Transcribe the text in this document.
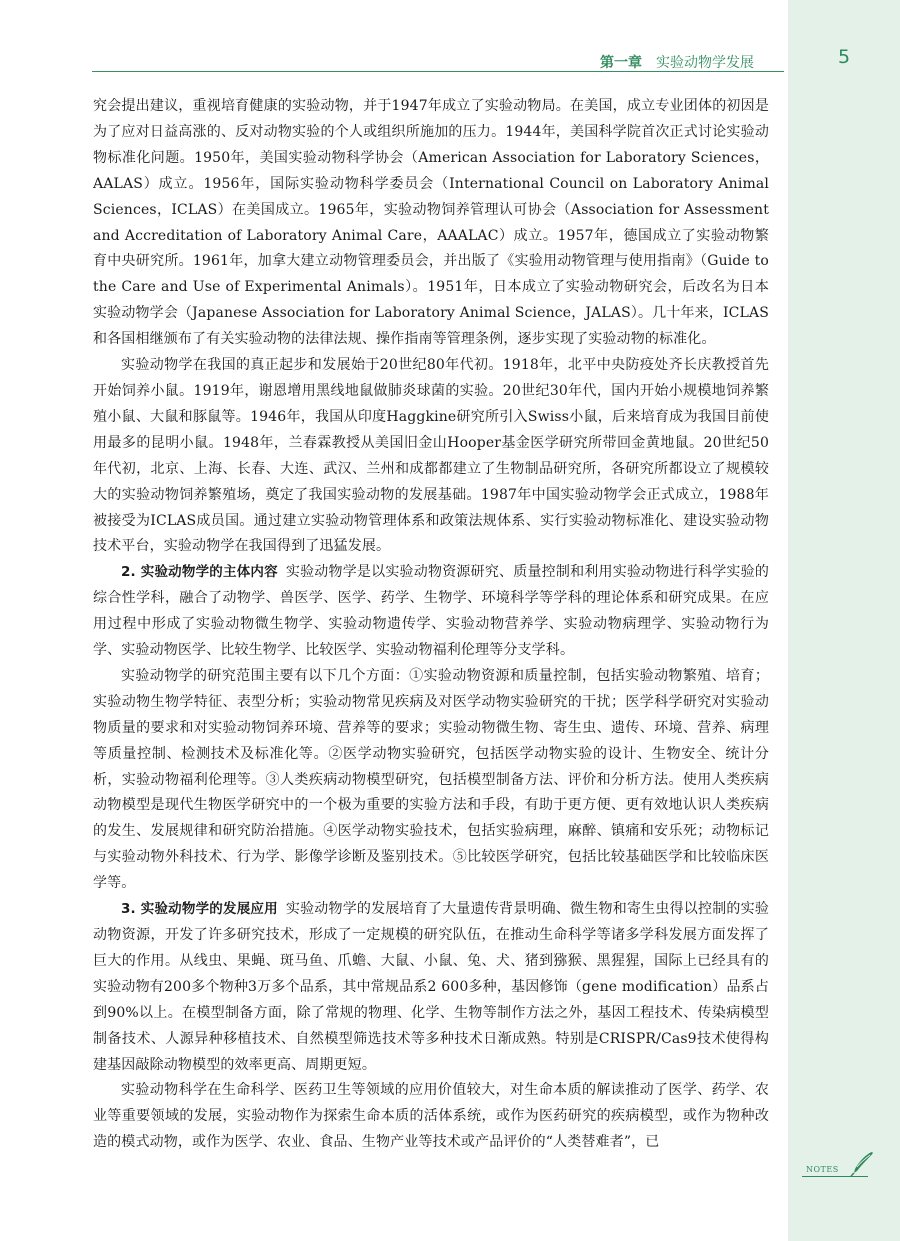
第一章 实验动物学发展	5

究会提出建议，重视培育健康的实验动物，并于1947年成立了实验动物局。在美国，成立专业团体的初因是为了应对日益高涨的、反对动物实验的个人或组织所施加的压力。1944年，美国科学院首次正式讨论实验动物标准化问题。1950年，美国实验动物科学协会（American Association for Laboratory Sciences，AALAS）成立。1956年，国际实验动物科学委员会（International Council on Laboratory Animal Sciences，ICLAS）在美国成立。1965年，实验动物饲养管理认可协会（Association for Assessment and Accreditation of Laboratory Animal Care，AAALAC）成立。1957年，德国成立了实验动物繁育中央研究所。1961年，加拿大建立动物管理委员会，并出版了《实验用动物管理与使用指南》（Guide to the Care and Use of Experimental Animals）。1951年，日本成立了实验动物研究会，后改名为日本实验动物学会（Japanese Association for Laboratory Animal Science，JALAS）。几十年来，ICLAS和各国相继颁布了有关实验动物的法律法规、操作指南等管理条例，逐步实现了实验动物的标准化。

实验动物学在我国的真正起步和发展始于20世纪80年代初。1918年，北平中央防疫处齐长庆教授首先开始饲养小鼠。1919年，谢恩增用黑线地鼠做肺炎球菌的实验。20世纪30年代，国内开始小规模地饲养繁殖小鼠、大鼠和豚鼠等。1946年，我国从印度Haggkine研究所引入Swiss小鼠，后来培育成为我国目前使用最多的昆明小鼠。1948年，兰春霖教授从美国旧金山Hooper基金医学研究所带回金黄地鼠。20世纪50年代初，北京、上海、长春、大连、武汉、兰州和成都都建立了生物制品研究所，各研究所都设立了规模较大的实验动物饲养繁殖场，奠定了我国实验动物的发展基础。1987年中国实验动物学会正式成立，1988年被接受为ICLAS成员国。通过建立实验动物管理体系和政策法规体系、实行实验动物标准化、建设实验动物技术平台，实验动物学在我国得到了迅猛发展。

2. 实验动物学的主体内容 实验动物学是以实验动物资源研究、质量控制和利用实验动物进行科学实验的综合性学科，融合了动物学、兽医学、医学、药学、生物学、环境科学等学科的理论体系和研究成果。在应用过程中形成了实验动物微生物学、实验动物遗传学、实验动物营养学、实验动物病理学、实验动物行为学、实验动物医学、比较生物学、比较医学、实验动物福利伦理等分支学科。

实验动物学的研究范围主要有以下几个方面：①实验动物资源和质量控制，包括实验动物繁殖、培育；实验动物生物学特征、表型分析；实验动物常见疾病及对医学动物实验研究的干扰；医学科学研究对实验动物质量的要求和对实验动物饲养环境、营养等的要求；实验动物微生物、寄生虫、遗传、环境、营养、病理等质量控制、检测技术及标准化等。②医学动物实验研究，包括医学动物实验的设计、生物安全、统计分析，实验动物福利伦理等。③人类疾病动物模型研究，包括模型制备方法、评价和分析方法。使用人类疾病动物模型是现代生物医学研究中的一个极为重要的实验方法和手段，有助于更方便、更有效地认识人类疾病的发生、发展规律和研究防治措施。④医学动物实验技术，包括实验病理，麻醉、镇痛和安乐死；动物标记与实验动物外科技术、行为学、影像学诊断及鉴别技术。⑤比较医学研究，包括比较基础医学和比较临床医学等。

3. 实验动物学的发展应用 实验动物学的发展培育了大量遗传背景明确、微生物和寄生虫得以控制的实验动物资源，开发了许多研究技术，形成了一定规模的研究队伍，在推动生命科学等诸多学科发展方面发挥了巨大的作用。从线虫、果蝇、斑马鱼、爪蟾、大鼠、小鼠、兔、犬、猪到猕猴、黑猩猩，国际上已经具有的实验动物有200多个物种3万多个品系，其中常规品系2 600多种，基因修饰（gene modification）品系占到90%以上。在模型制备方面，除了常规的物理、化学、生物等制作方法之外，基因工程技术、传染病模型制备技术、人源异种移植技术、自然模型筛选技术等多种技术日渐成熟。特别是CRISPR/Cas9技术使得构建基因敲除动物模型的效率更高、周期更短。

实验动物科学在生命科学、医药卫生等领域的应用价值较大，对生命本质的解读推动了医学、药学、农业等重要领域的发展，实验动物作为探索生命本质的活体系统，或作为医药研究的疾病模型，或作为物种改造的模式动物，或作为医学、农业、食品、生物产业等技术或产品评价的“人类替难者”，已

NOTES
